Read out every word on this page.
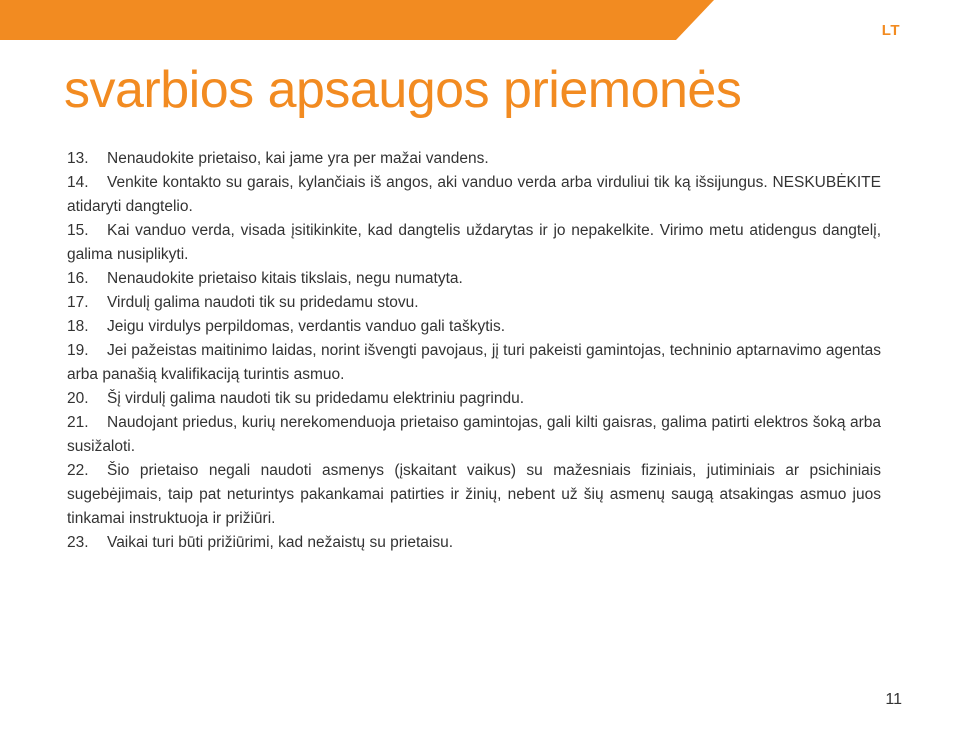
LT
svarbios apsaugos priemonės
13. Nenaudokite prietaiso, kai jame yra per mažai vandens.
14. Venkite kontakto su garais, kylančiais iš angos, aki vanduo verda arba virduliui tik ką išsijungus. NESKUBĖKITE atidaryti dangtelio.
15. Kai vanduo verda, visada įsitikinkite, kad dangtelis uždarytas ir jo nepakelkite. Virimo metu atidengus dangtelį, galima nusiplikyti.
16. Nenaudokite prietaiso kitais tikslais, negu numatyta.
17. Virdulį galima naudoti tik su pridedamu stovu.
18. Jeigu virdulys perpildomas, verdantis vanduo gali taškytis.
19. Jei pažeistas maitinimo laidas, norint išvengti pavojaus, jį turi pakeisti gamintojas, techninio aptarnavimo agentas arba panašią kvalifikaciją turintis asmuo.
20. Šį virdulį galima naudoti tik su pridedamu elektriniu pagrindu.
21. Naudojant priedus, kurių nerekomenduoja prietaiso gamintojas, gali kilti gaisras, galima patirti elektros šoką arba susižaloti.
22. Šio prietaiso negali naudoti asmenys (įskaitant vaikus) su mažesniais fiziniais, jutiminiais ar psichiniais sugebėjimais, taip pat neturintys pakankamai patirties ir žinių, nebent už šių asmenų saugą atsakingas asmuo juos tinkamai instruktuoja ir prižiūri.
23. Vaikai turi būti prižiūrimi, kad nežaistų su prietaisu.
11
